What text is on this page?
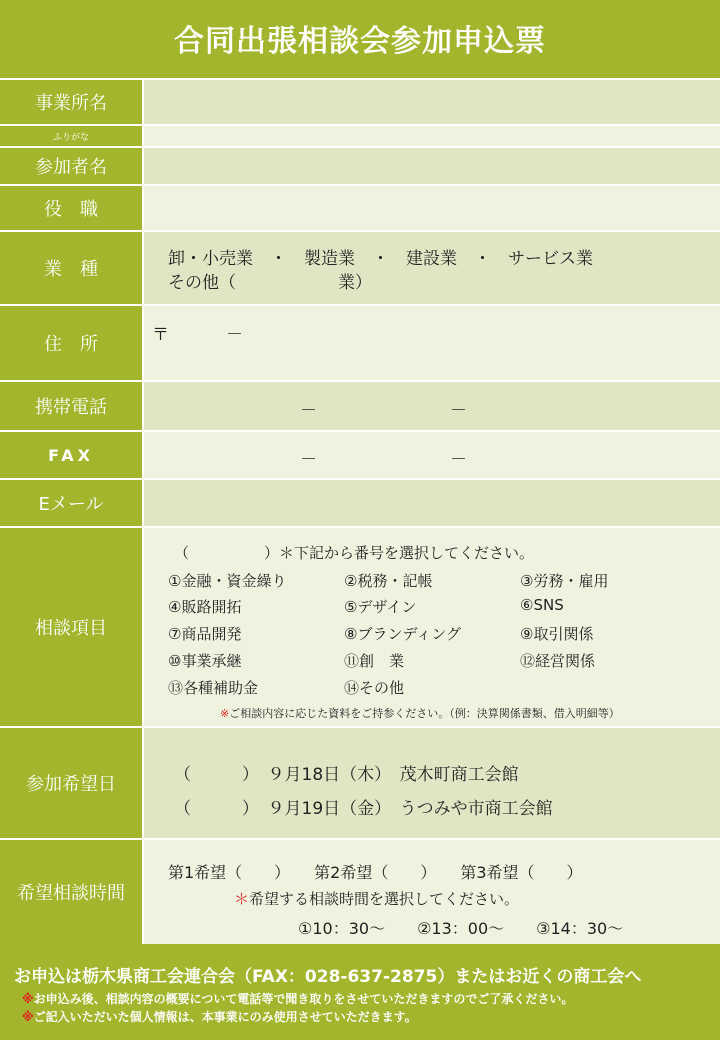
合同出張相談会参加申込票
事業所名
ふりがな
参加者名
役　職
業　種	卸・小売業　・　製造業　・　建設業　・　サービス業
その他（　　　　　　業）
住　所	〒	－
携帯電話	－	－
FAX	－	－
Eメール
相談項目
（　　　　　）＊下記から番号を選択してください。
①金融・資金繰り	②税務・記帳	③労務・雇用
④販路開拓	⑤デザイン	⑥SNS
⑦商品開発	⑧ブランディング	⑨取引関係
⑩事業承継	⑪創　業	⑫経営関係
⑬各種補助金	⑭その他
※ご相談内容に応じた資料をご持参ください。（例：決算関係書類、借入明細等）
参加希望日	（　　　）　９月18日（木）　茂木町商工会館
（　　　）　９月19日（金）　うつみや市商工会館
希望相談時間
第1希望（　　）　　第2希望（　　）　　第3希望（　　）
＊希望する相談時間を選択してください。
①10：30～　　②13：00～　　③14：30～
お申込は栃木県商工会連合会（FAX：028-637-2875）またはお近くの商工会へ
※お申込み後、相談内容の概要について電話等で聞き取りをさせていただきますのでご了承ください。
※ご記入いただいた個人情報は、本事業にのみ使用させていただきます。
